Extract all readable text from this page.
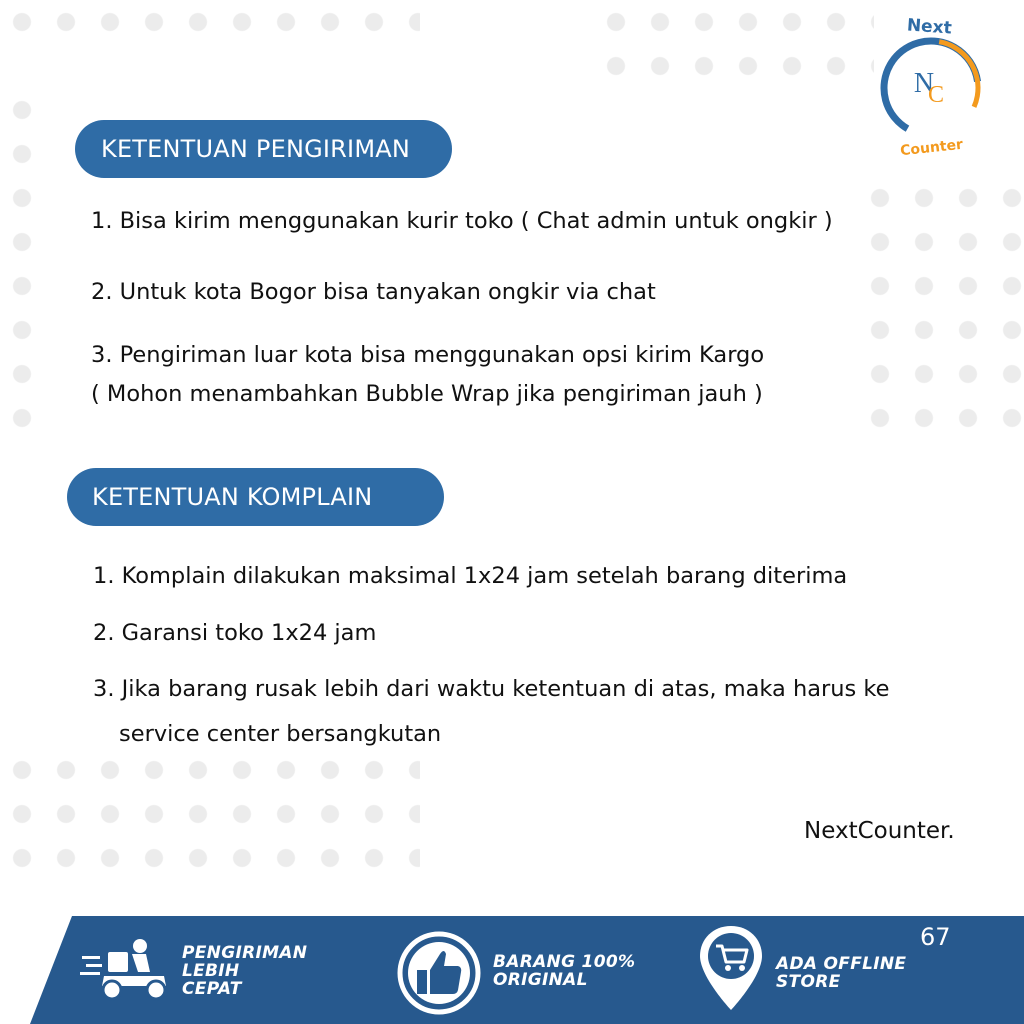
Next
N
C
Counter
KETENTUAN PENGIRIMAN
1. Bisa kirim menggunakan kurir toko ( Chat admin untuk ongkir )
2. Untuk kota Bogor bisa tanyakan ongkir via chat
3. Pengiriman luar kota bisa menggunakan opsi kirim Kargo
( Mohon menambahkan Bubble Wrap jika pengiriman jauh )
KETENTUAN KOMPLAIN
1. Komplain dilakukan maksimal 1x24 jam setelah barang diterima
2. Garansi toko 1x24 jam
3. Jika barang rusak lebih dari waktu ketentuan di atas, maka harus ke
service center bersangkutan
NextCounter.
67
PENGIRIMAN
LEBIH
CEPAT
BARANG 100%
ORIGINAL
ADA OFFLINE
STORE
